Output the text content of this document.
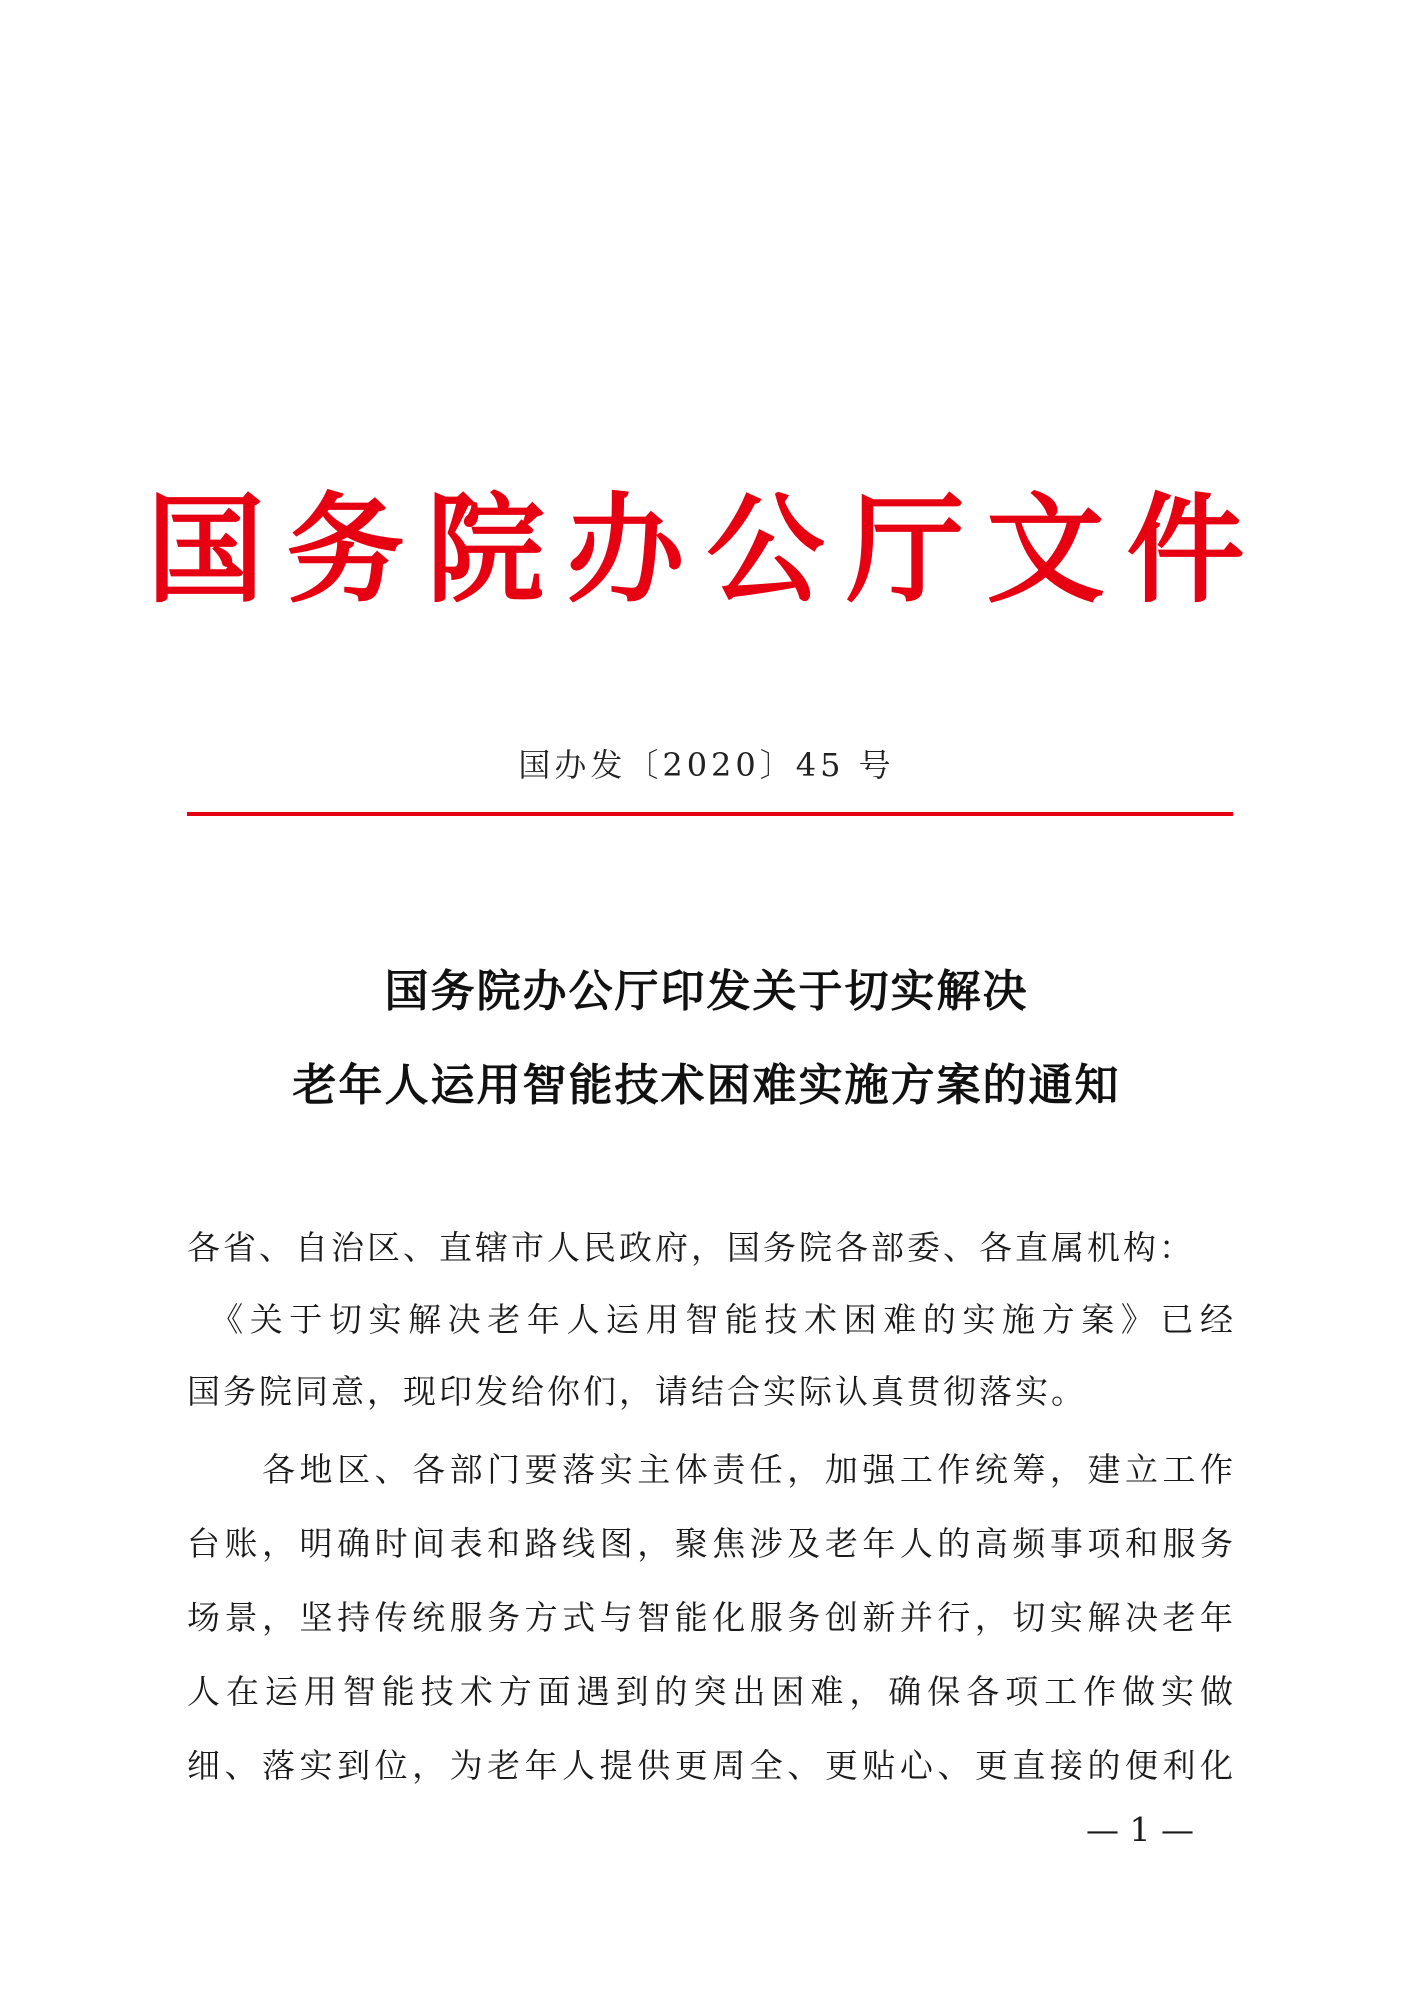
国务院办公厅文件
国办发〔2020〕45 号
国务院办公厅印发关于切实解决
老年人运用智能技术困难实施方案的通知
各省、自治区、直辖市人民政府，国务院各部委、各直属机构：
　《关于切实解决老年人运用智能技术困难的实施方案》已经
国务院同意，现印发给你们，请结合实际认真贯彻落实。
　　各地区、各部门要落实主体责任，加强工作统筹，建立工作
台账，明确时间表和路线图，聚焦涉及老年人的高频事项和服务
场景，坚持传统服务方式与智能化服务创新并行，切实解决老年
人在运用智能技术方面遇到的突出困难，确保各项工作做实做
细、落实到位，为老年人提供更周全、更贴心、更直接的便利化
— 1 —
